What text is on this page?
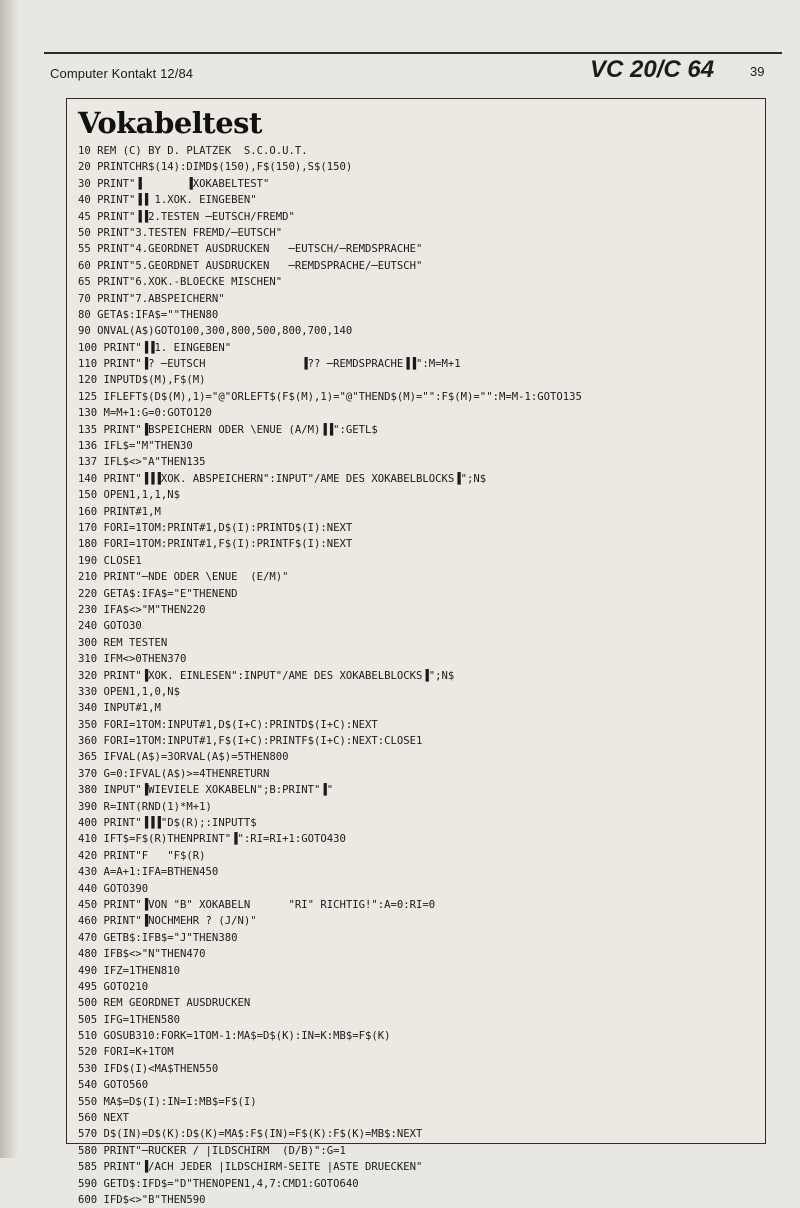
Computer Kontakt 12/84	VC 20/C 64	39
Vokabeltest
10 REM (C) BY D. PLATZEK  S.C.O.U.T.
20 PRINTCHR$(14):DIMD$(150),F$(150),S$(150)
30 PRINT"▐       ▐XOKABELTEST"
40 PRINT"▐▐ 1.XOK. EINGEBEN"
45 PRINT"▐▐2.TESTEN ─EUTSCH/FREMD"
50 PRINT"3.TESTEN FREMD/─EUTSCH"
55 PRINT"4.GEORDNET AUSDRUCKEN   ─EUTSCH/─REMDSPRACHE"
60 PRINT"5.GEORDNET AUSDRUCKEN   ─REMDSPRACHE/─EUTSCH"
65 PRINT"6.XOK.-BLOECKE MISCHEN"
70 PRINT"7.ABSPEICHERN"
80 GETA$:IFA$=""THEN80
90 ONVAL(A$)GOTO100,300,800,500,800,700,140
100 PRINT"▐▐1. EINGEBEN"
110 PRINT"▐? ─EUTSCH               ▐?? ─REMDSPRACHE▐▐":M=M+1
120 INPUTD$(M),F$(M)
125 IFLEFT$(D$(M),1)="@"ORLEFT$(F$(M),1)="@"THEND$(M)="":F$(M)="":M=M-1:GOTO135
130 M=M+1:G=0:GOTO120
135 PRINT"▐BSPEICHERN ODER \ENUE (A/M)▐▐":GETL$
136 IFL$="M"THEN30
137 IFL$<>"A"THEN135
140 PRINT"▐▐▐XOK. ABSPEICHERN":INPUT"/AME DES XOKABELBLOCKS▐";N$
150 OPEN1,1,1,N$
160 PRINT#1,M
170 FORI=1TOM:PRINT#1,D$(I):PRINTD$(I):NEXT
180 FORI=1TOM:PRINT#1,F$(I):PRINTF$(I):NEXT
190 CLOSE1
210 PRINT"─NDE ODER \ENUE  (E/M)"
220 GETA$:IFA$="E"THENEND
230 IFA$<>"M"THEN220
240 GOTO30
300 REM TESTEN
310 IFM<>0THEN370
320 PRINT"▐XOK. EINLESEN":INPUT"/AME DES XOKABELBLOCKS▐";N$
330 OPEN1,1,0,N$
340 INPUT#1,M
350 FORI=1TOM:INPUT#1,D$(I+C):PRINTD$(I+C):NEXT
360 FORI=1TOM:INPUT#1,F$(I+C):PRINTF$(I+C):NEXT:CLOSE1
365 IFVAL(A$)=3ORVAL(A$)=5THEN800
370 G=0:IFVAL(A$)>=4THENRETURN
380 INPUT"▐WIEVIELE XOKABELN";B:PRINT"▐"
390 R=INT(RND(1)*M+1)
400 PRINT"▐▐▐"D$(R);:INPUTT$
410 IFT$=F$(R)THENPRINT"▐":RI=RI+1:GOTO430
420 PRINT"F   "F$(R)
430 A=A+1:IFA=BTHEN450
440 GOTO390
450 PRINT"▐VON "B" XOKABELN      "RI" RICHTIG!":A=0:RI=0
460 PRINT"▐NOCHMEHR ? (J/N)"
470 GETB$:IFB$="J"THEN380
480 IFB$<>"N"THEN470
490 IFZ=1THEN810
495 GOTO210
500 REM GEORDNET AUSDRUCKEN
505 IFG=1THEN580
510 GOSUB310:FORK=1TOM-1:MA$=D$(K):IN=K:MB$=F$(K)
520 FORI=K+1TOM
530 IFD$(I)<MA$THEN550
540 GOTO560
550 MA$=D$(I):IN=I:MB$=F$(I)
560 NEXT
570 D$(IN)=D$(K):D$(K)=MA$:F$(IN)=F$(K):F$(K)=MB$:NEXT
580 PRINT"─RUCKER / |ILDSCHIRM  (D/B)":G=1
585 PRINT"▐/ACH JEDER |ILDSCHIRM-SEITE |ASTE DRUECKEN"
590 GETD$:IFD$="D"THENOPEN1,4,7:CMD1:GOTO640
600 IFD$<>"B"THEN590
